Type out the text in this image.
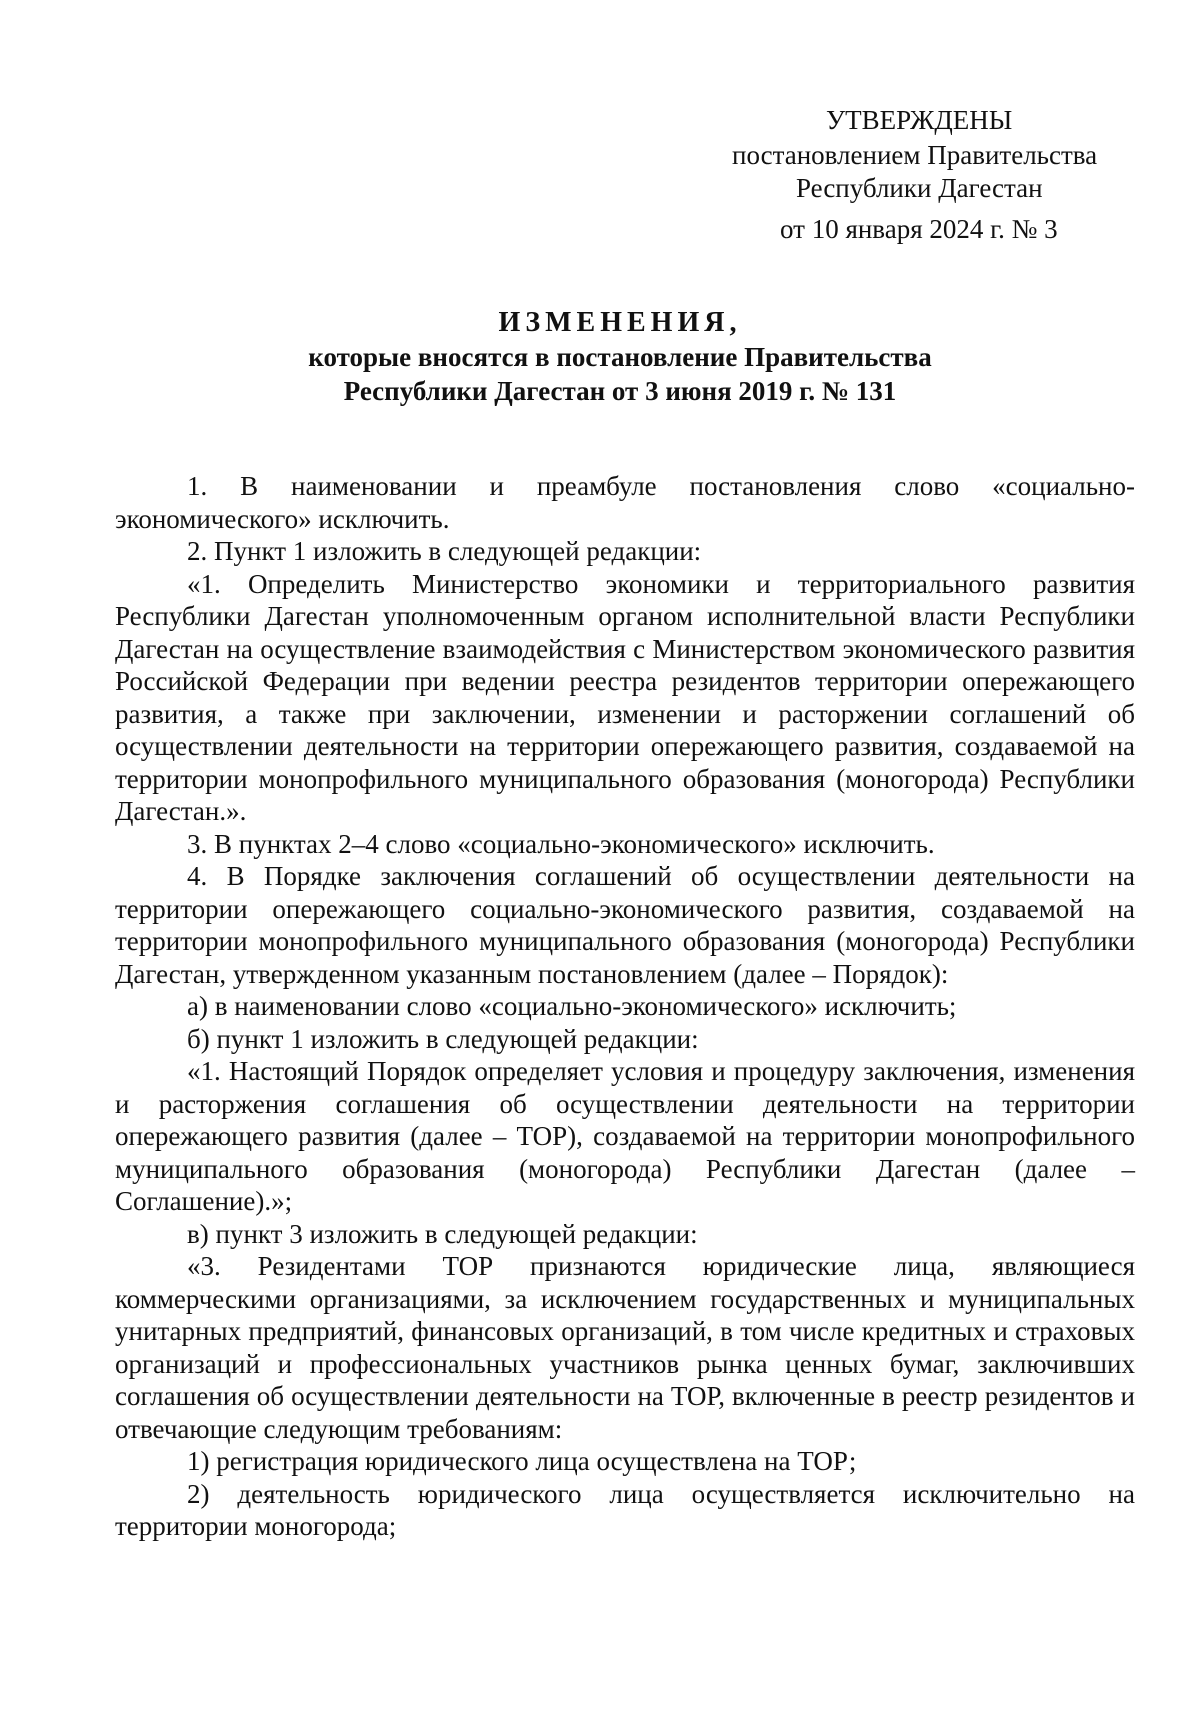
УТВЕРЖДЕНЫ
постановлением Правительства
Республики Дагестан
от 10 января 2024 г. № 3
ИЗМЕНЕНИЯ,
которые вносятся в постановление Правительства
Республики Дагестан от 3 июня 2019 г. № 131

1. В наименовании и преамбуле постановления слово «социально-экономического» исключить.

2. Пункт 1 изложить в следующей редакции:

«1. Определить Министерство экономики и территориального развития Республики Дагестан уполномоченным органом исполнительной власти Республики Дагестан на осуществление взаимодействия с Министерством экономического развития Российской Федерации при ведении реестра резидентов территории опережающего развития, а также при заключении, изменении и расторжении соглашений об осуществлении деятельности на территории опережающего развития, создаваемой на территории монопрофильного муниципального образования (моногорода) Республики Дагестан.».

3. В пунктах 2–4 слово «социально-экономического» исключить.

4. В Порядке заключения соглашений об осуществлении деятельности на территории опережающего социально-экономического развития, создаваемой на территории монопрофильного муниципального образования (моногорода) Республики Дагестан, утвержденном указанным постановлением (далее – Порядок):

а) в наименовании слово «социально-экономического» исключить;

б) пункт 1 изложить в следующей редакции:

«1. Настоящий Порядок определяет условия и процедуру заключения, изменения и расторжения соглашения об осуществлении деятельности на территории опережающего развития (далее – ТОР), создаваемой на территории монопрофильного муниципального образования (моногорода) Республики Дагестан (далее – Соглашение).»;

в) пункт 3 изложить в следующей редакции:

«3. Резидентами ТОР признаются юридические лица, являющиеся коммерческими организациями, за исключением государственных и муниципальных унитарных предприятий, финансовых организаций, в том числе кредитных и страховых организаций и профессиональных участников рынка ценных бумаг, заключивших соглашения об осуществлении деятельности на ТОР, включенные в реестр резидентов и отвечающие следующим требованиям:

1) регистрация юридического лица осуществлена на ТОР;

2) деятельность юридического лица осуществляется исключительно на территории моногорода;
